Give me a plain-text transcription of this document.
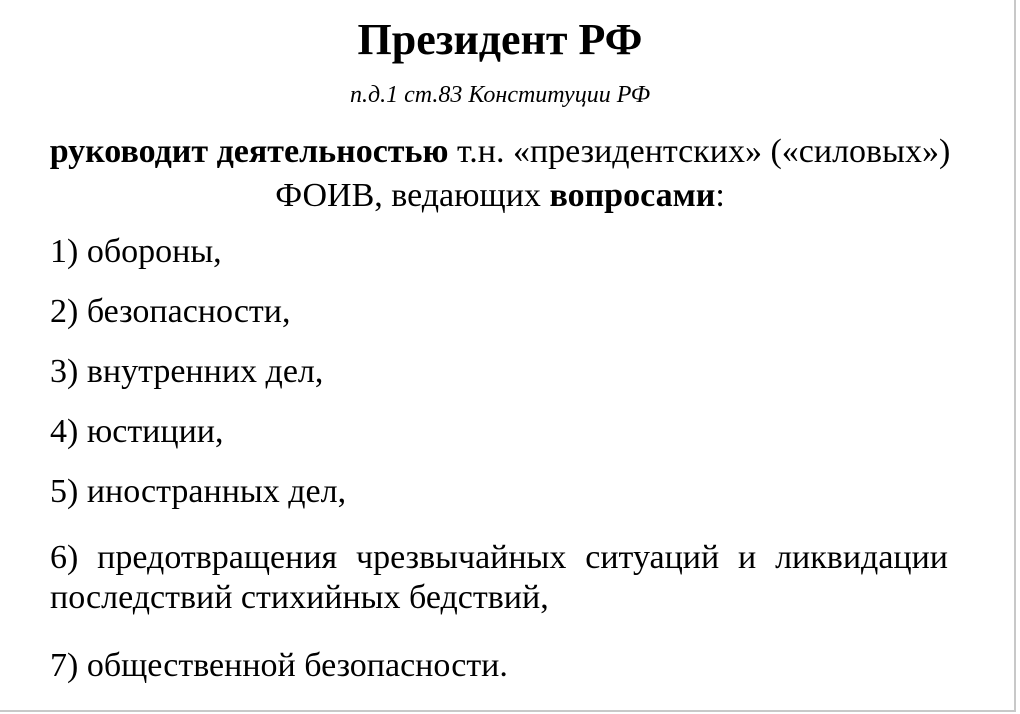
Президент РФ
п.д.1 ст.83 Конституции РФ
руководит деятельностью т.н. «президентских» («силовых») ФОИВ, ведающих вопросами:
1) обороны,
2) безопасности,
3) внутренних дел,
4) юстиции,
5) иностранных дел,
6) предотвращения чрезвычайных ситуаций и ликвидации последствий стихийных бедствий,
7) общественной безопасности.
